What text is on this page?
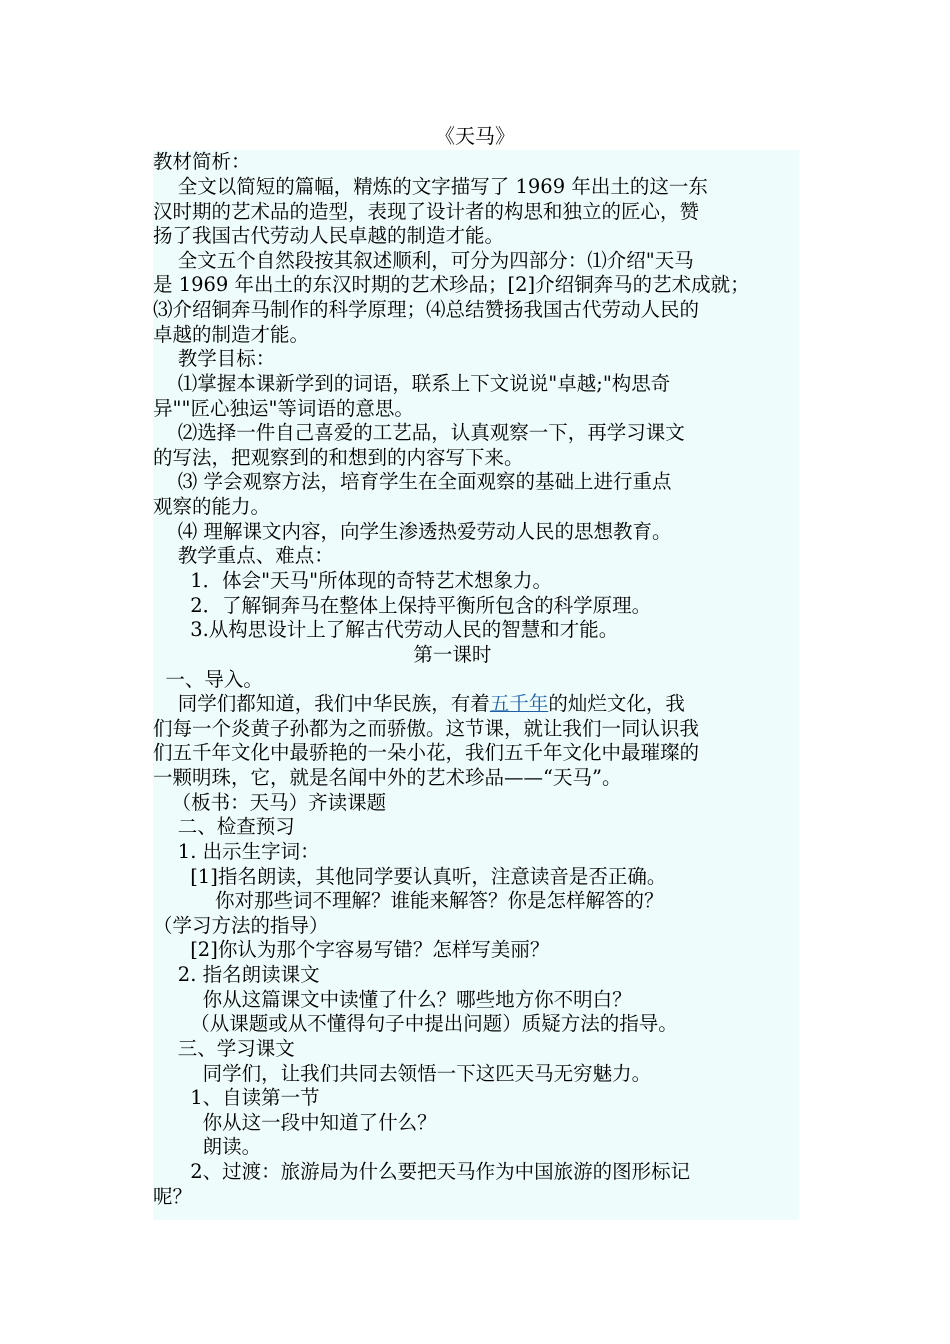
《天马》
教材简析：
全文以简短的篇幅，精炼的文字描写了 1969 年出土的这一东
汉时期的艺术品的造型，表现了设计者的构思和独立的匠心，赞
扬了我国古代劳动人民卓越的制造才能。
全文五个自然段按其叙述顺利，可分为四部分：⑴介绍"天马
是 1969 年出土的东汉时期的艺术珍品；[2]介绍铜奔马的艺术成就；
⑶介绍铜奔马制作的科学原理；⑷总结赞扬我国古代劳动人民的
卓越的制造才能。
教学目标：
⑴掌握本课新学到的词语，联系上下文说说"卓越;"构思奇
异""匠心独运"等词语的意思。
⑵选择一件自己喜爱的工艺品，认真观察一下，再学习课文
的写法，把观察到的和想到的内容写下来。
⑶ 学会观察方法，培育学生在全面观察的基础上进行重点
观察的能力。
⑷ 理解课文内容，向学生渗透热爱劳动人民的思想教育。
教学重点、难点：
1．体会"天马"所体现的奇特艺术想象力。
2．了解铜奔马在整体上保持平衡所包含的科学原理。
3.从构思设计上了解古代劳动人民的智慧和才能。
第一课时
一、导入。
同学们都知道，我们中华民族，有着五千年的灿烂文化，我
们每一个炎黄子孙都为之而骄傲。这节课，就让我们一同认识我
们五千年文化中最骄艳的一朵小花，我们五千年文化中最璀璨的
一颗明珠，它，就是名闻中外的艺术珍品——“天马”。
（板书：天马）齐读课题
二、检查预习
1. 出示生字词：
[1]指名朗读，其他同学要认真听，注意读音是否正确。
你对那些词不理解？谁能来解答？你是怎样解答的？
（学习方法的指导）
[2]你认为那个字容易写错？怎样写美丽？
2. 指名朗读课文
你从这篇课文中读懂了什么？哪些地方你不明白？
（从课题或从不懂得句子中提出问题）质疑方法的指导。
三、学习课文
同学们，让我们共同去领悟一下这匹天马无穷魅力。
1、自读第一节
你从这一段中知道了什么？
朗读。
2、过渡：旅游局为什么要把天马作为中国旅游的图形标记
呢？
